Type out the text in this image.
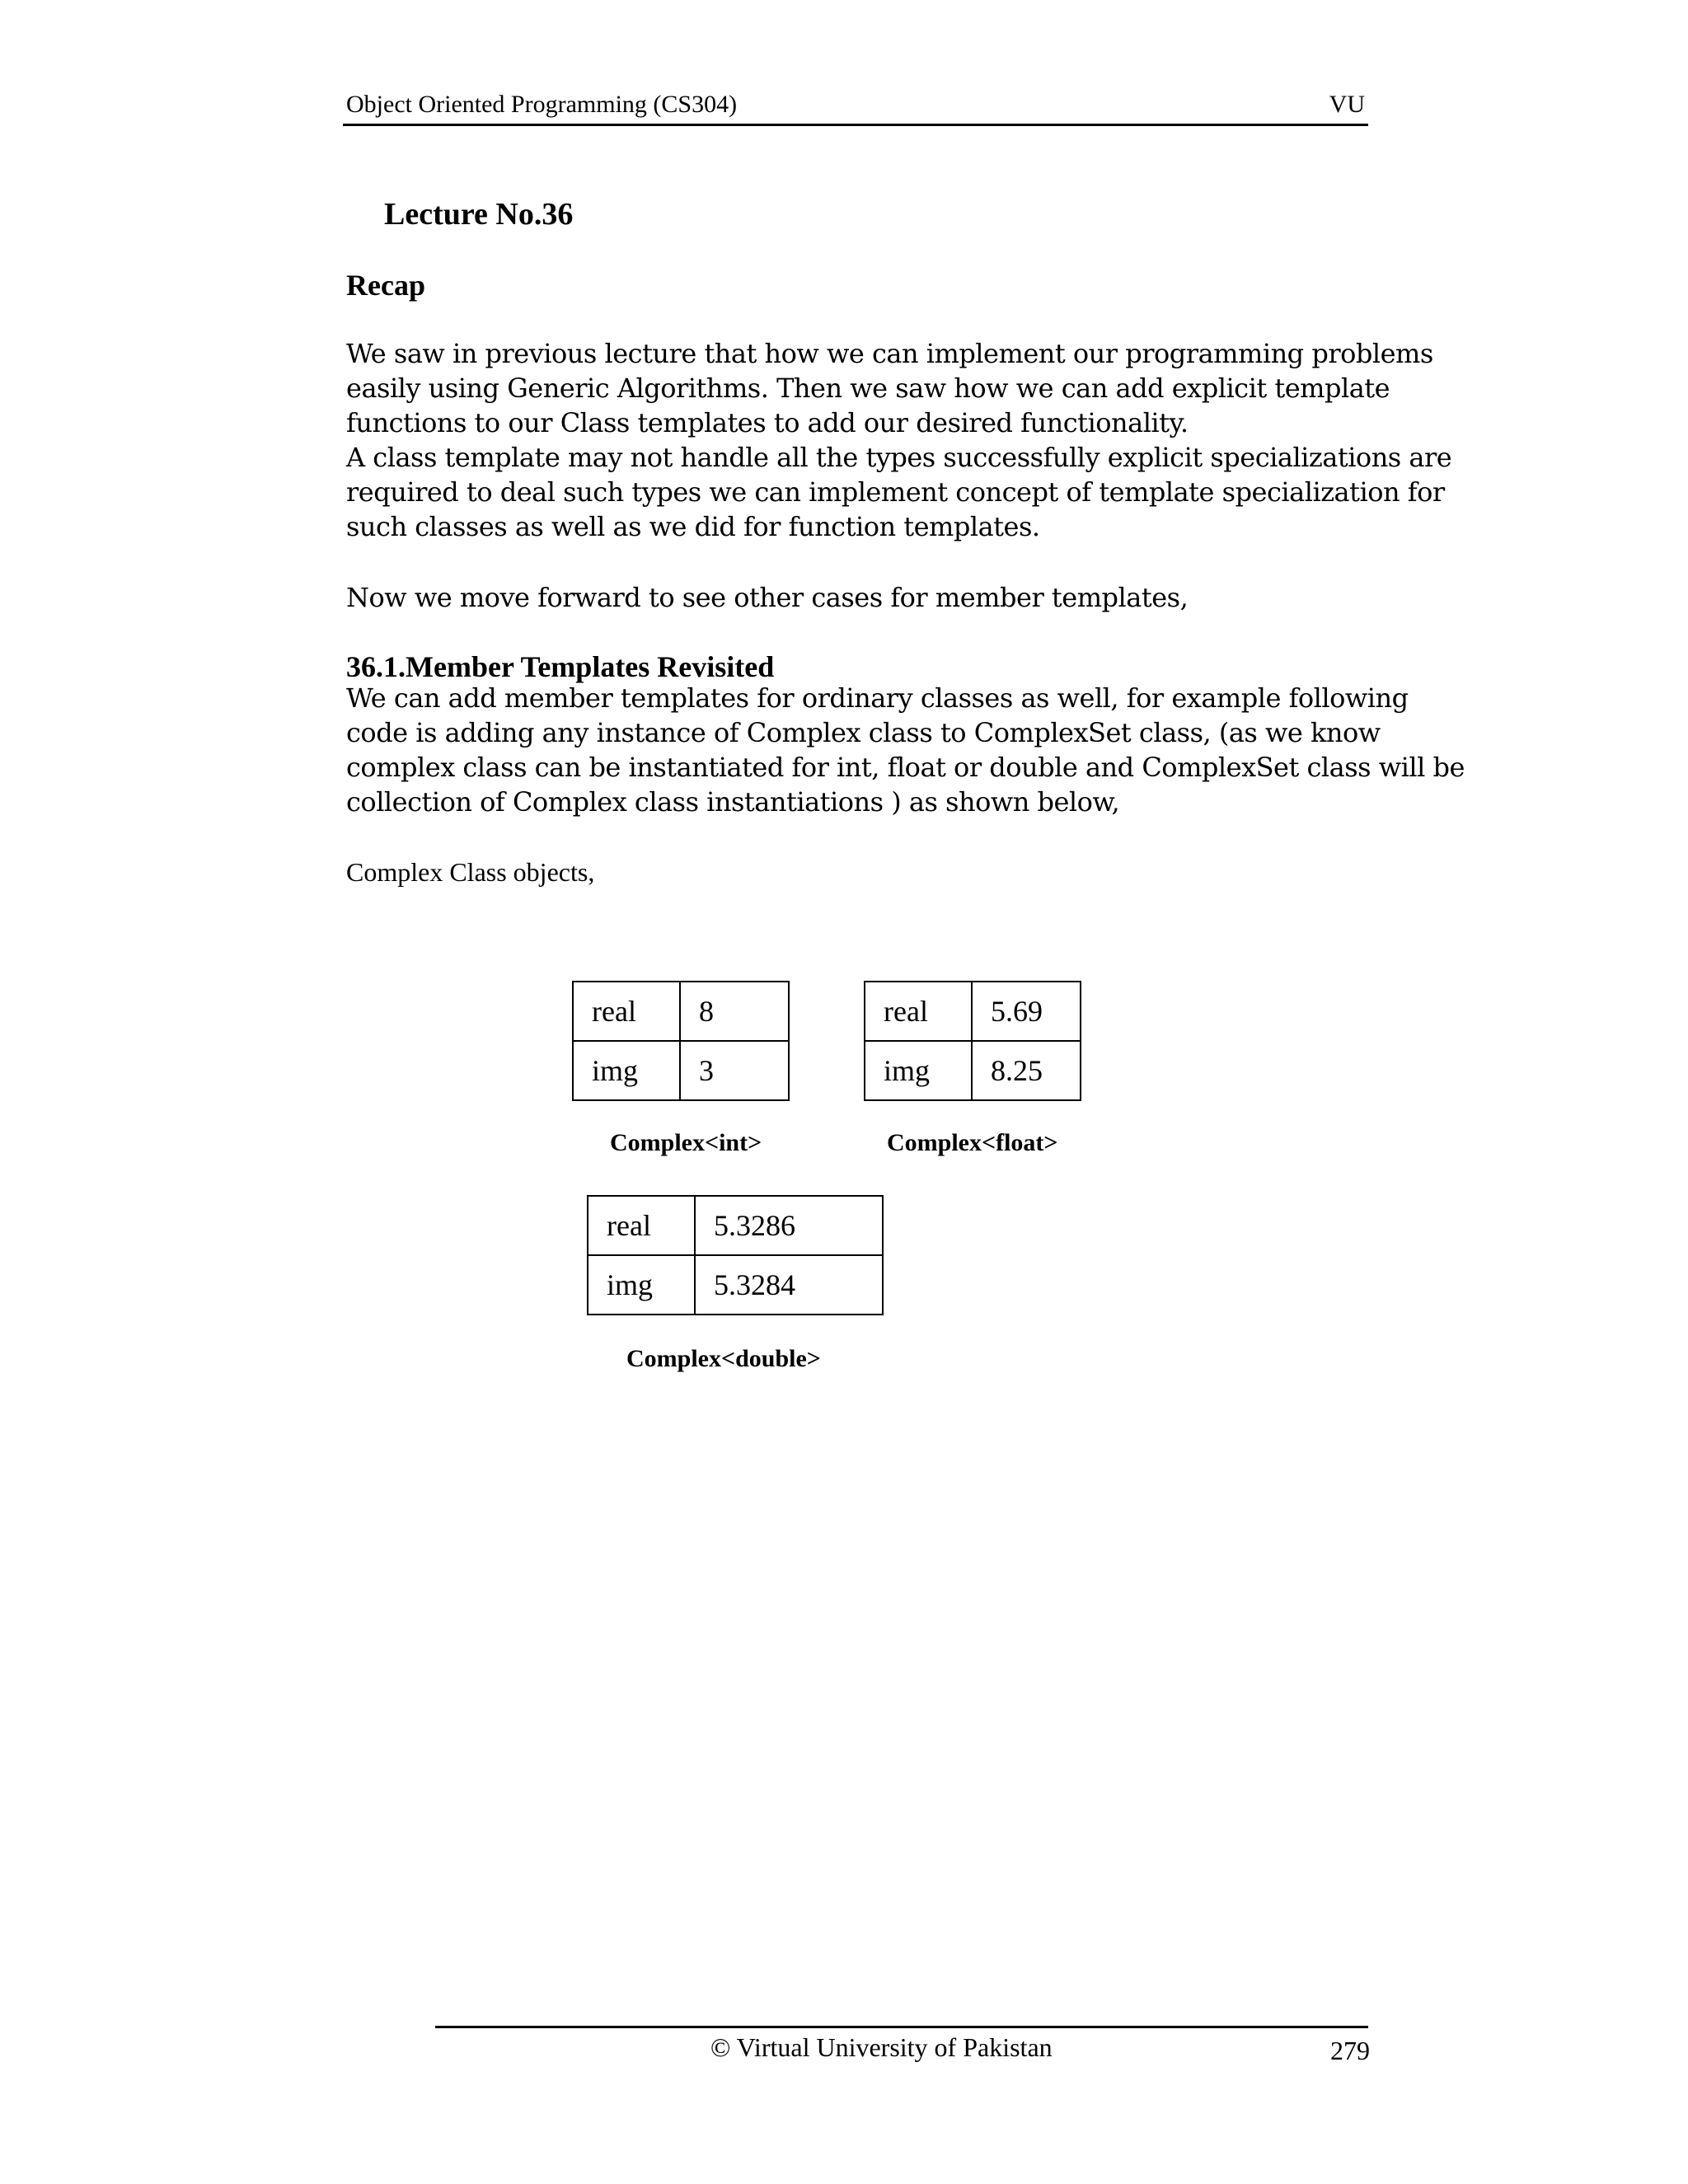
Object Oriented Programming (CS304)	VU
Lecture No.36
Recap
We saw in previous lecture that how we can implement our programming problems
easily using Generic Algorithms. Then we saw how we can add explicit template
functions to our Class templates to add our desired functionality.
A class template may not handle all the types successfully explicit specializations are
required to deal such types we can implement concept of template specialization for
such classes as well as we did for function templates.
Now we move forward to see other cases for member templates,
36.1.Member Templates Revisited
We can add member templates for ordinary classes as well, for example following
code is adding any instance of Complex class to ComplexSet class, (as we know
complex class can be instantiated for int, float or double and ComplexSet class will be
collection of Complex class instantiations ) as shown below,
Complex Class objects,
real	8
img	3
Complex<int>
real	5.69
img	8.25
Complex<float>
real	5.3286
img	5.3284
Complex<double>
© Virtual University of Pakistan	279
